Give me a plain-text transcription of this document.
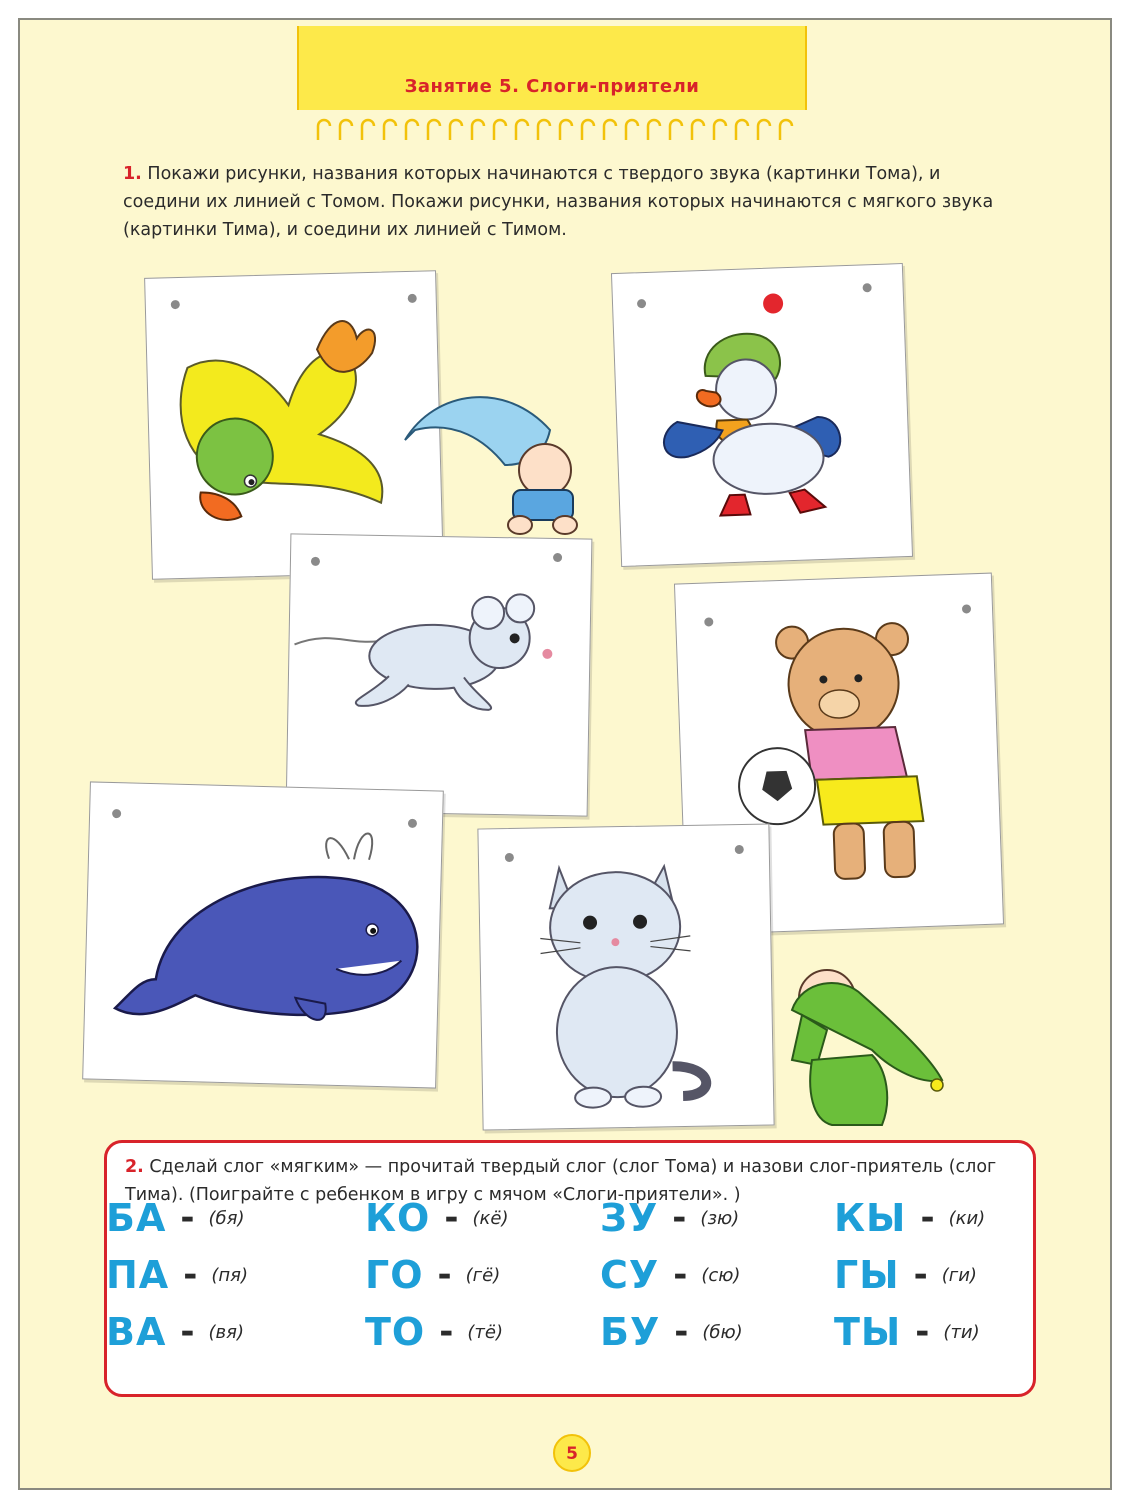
Занятие 5. Слоги-приятели

1. Покажи рисунки, названия которых начинаются с твердого звука (картинки Тома), и соедини их линией с Томом. Покажи рисунки, названия которых начинаются с мягкого звука (картинки Тима), и соедини их линией с Тимом.

2. Сделай слог «мягким» — прочитай твердый слог (слог Тома) и назови слог-приятель (слог Тима). (Поиграйте с ребенком в игру с мячом «Слоги-приятели». )

БА - (бя)	КО - (кё) ЗУ - (зю) КЫ - (ки)
ПА - (пя)	ГО - (гё)	СУ - (сю) ГЫ - (ги)
ВА - (вя)	ТО - (тё)	БУ - (бю) ТЫ - (ти)
5
